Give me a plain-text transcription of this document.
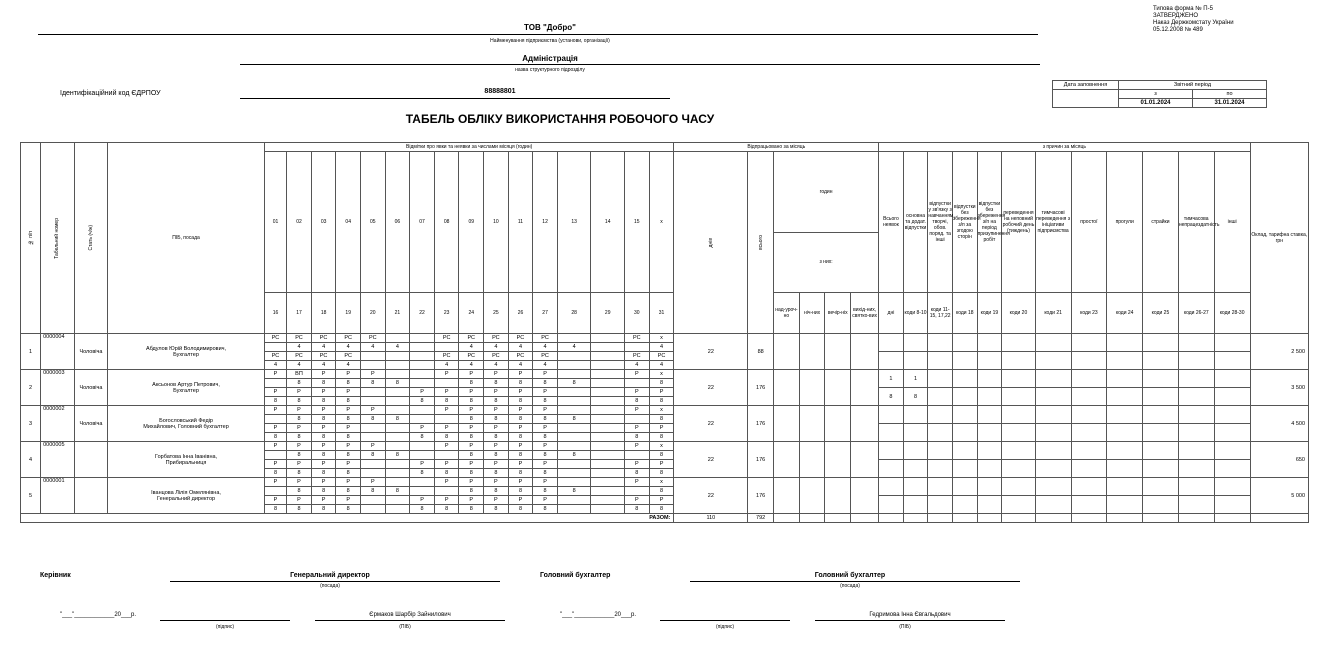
ТОВ "Добро"
Найменування підприємства (установи, організації)
Адміністрація
назва структурного підрозділу
Типова форма № П-5
ЗАТВЕРДЖЕНО
Наказ Держкомстату України
05.12.2008 № 489
Ідентифікаційний код ЄДРПОУ	88888801
Дата заповнення	Звітний період	
	з	по
	01.01.2024	31.01.2024
ТАБЕЛЬ ОБЛІКУ ВИКОРИСТАННЯ РОБОЧОГО ЧАСУ
№ п/п	Табельний номер	Стать (ч/ж)	ПІБ, посада	Відмітки про явки та неявки за числами місяця (годин)																Відпрацьовано за місяць						з причин за місяць												Оклад, тарифна ставка, грн
				01	02	03	04	05	06	07	08	09	10	11	12	13	14	15	x	днів	всього	годин				Всього неявок	основна та додат. відпустки	відпустки у зв'язку з навчанням, творчі, обов. поряд. та інші	відпустки без збереження з/п за згодою сторін	відпустки без збереження з/п на період призупинення робіт	переведення на неповний робочий день (тиждень)	тимчасові переведення з ініціативи підприємства	простої	прогули	страйки	тимчасова непрацездатність	інші	
																						з них:																
				16	17	18	19	20	21	22	23	24	25	26	27	28	29	30	31			над-уроч-но	ніч-них	вечір-ніх	вихід-них, святко-вих	дні	коди 8-10	коди 11-15, 17,22	коди 18	коди 19	коди 20	коди 21	коди 23	коди 24	коди 25	коди 26-27	коди 28-30	
1	0000004	Чоловіча	Абдулов Юрій Володимирович,
Бухгалтер	РС	РС	РС	РС	РС			РС	РС	РС	РС	РС			РС	x	22	88																	2 500
					4	4	4	4	4			4	4	4	4	4			4																			
				РС	РС	РС	РС				РС	РС	РС	РС	РС			РС	РС																			
				4	4	4	4				4	4	4	4	4			4	4																			
2	0000003	Чоловіча	Аксьонов Артур Петрович,
Бухгалтер	Р	ВП	Р	Р	Р			Р	Р	Р	Р	Р			Р	x	22	176					1	1											3 500
					8	8	8	8	8			8	8	8	8	8			8																			
				Р	Р	Р	Р			Р	Р	Р	Р	Р	Р			Р	Р							8	8											
				8	8	8	8			8	8	8	8	8	8			8	8																			
3	0000002	Чоловіча	Богословський Федір
Михайлович, Головний бухгалтер	Р	Р	Р	Р	Р			Р	Р	Р	Р	Р			Р	x	22	176																	4 500
					8	8	8	8	8			8	8	8	8	8			8																			
				Р	Р	Р	Р			Р	Р	Р	Р	Р	Р			Р	Р																			
				8	8	8	8			8	8	8	8	8	8			8	8																			
4	0000005		Горбатова Інна Іванівна,
Прибиральниця	Р	Р	Р	Р	Р			Р	Р	Р	Р	Р			Р	x	22	176																	650
					8	8	8	8	8			8	8	8	8	8			8																			
				Р	Р	Р	Р			Р	Р	Р	Р	Р	Р			Р	Р																			
				8	8	8	8			8	8	8	8	8	8			8	8																			
5	0000001		Іванцова Лілія Омелянівна,
Генеральний директор	Р	Р	Р	Р	Р			Р	Р	Р	Р	Р			Р	x	22	176																	5 000
					8	8	8	8	8			8	8	8	8	8			8																			
				Р	Р	Р	Р			Р	Р	Р	Р	Р	Р			Р	Р																			
				8	8	8	8			8	8	8	8	8	8			8	8																			
РАЗОМ:																				110	792																	
Керівник	Генеральний директор
(посада)
Головний бухгалтер	Головний бухгалтер
(посада)
"___"____________20___р.
(підпис)
Єрмаков Шарбір Зайнилович
(ПІБ)
"___"____________20___р.
(підпис)
Гедримова Інна Євгальдович
(ПІБ)
